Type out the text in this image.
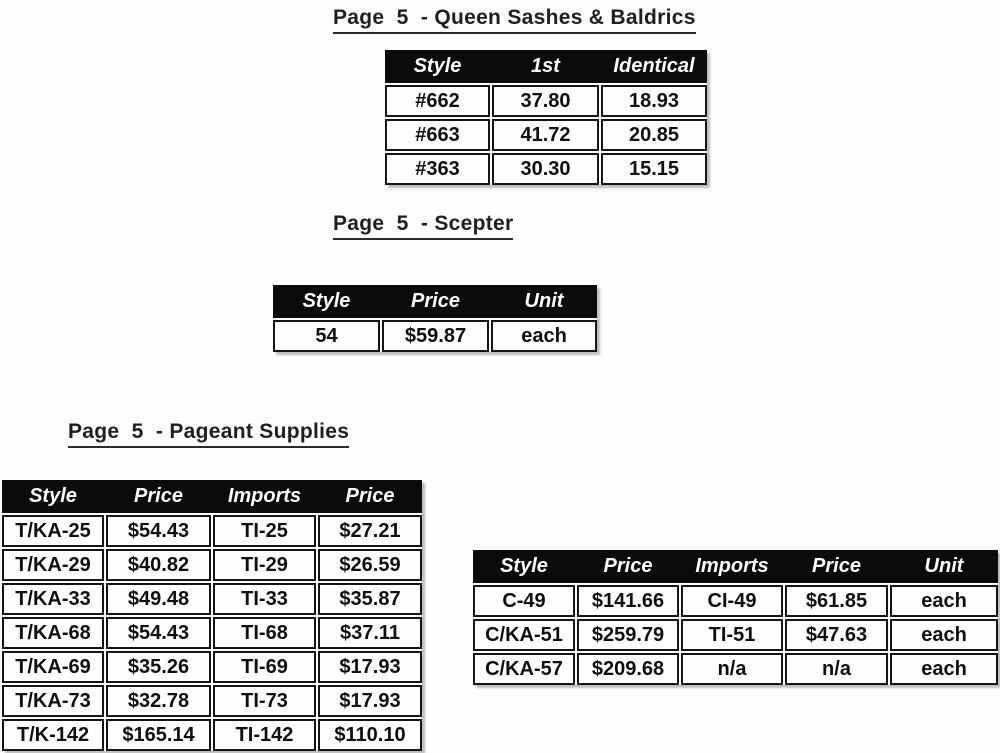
Page  5  - Queen Sashes & Baldrics
Style	1st	Identical
#662	37.80	18.93
#663	41.72	20.85
#363	30.30	15.15
Page  5  - Scepter
Style	Price	Unit
54	$59.87	each
Page  5  - Pageant Supplies
Style	Price	Imports	Price
T/KA-25	$54.43	TI-25	$27.21
T/KA-29	$40.82	TI-29	$26.59
T/KA-33	$49.48	TI-33	$35.87
T/KA-68	$54.43	TI-68	$37.11
T/KA-69	$35.26	TI-69	$17.93
T/KA-73	$32.78	TI-73	$17.93
T/K-142	$165.14	TI-142	$110.10
Style	Price	Imports	Price	Unit
C-49	$141.66	CI-49	$61.85	each
C/KA-51	$259.79	TI-51	$47.63	each
C/KA-57	$209.68	n/a	n/a	each
